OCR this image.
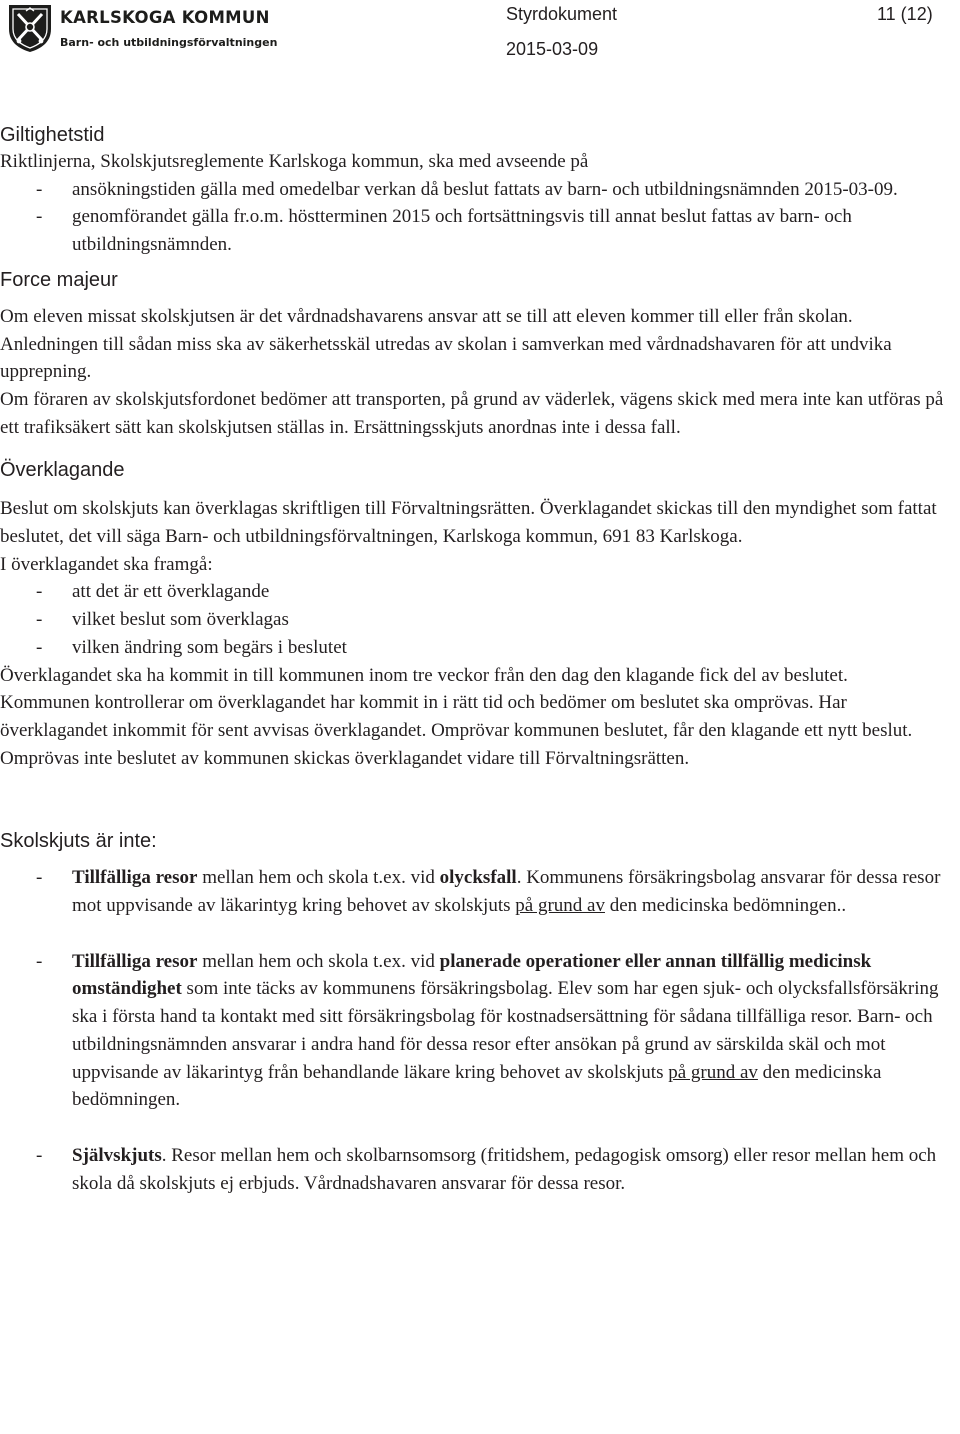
KARLSKOGA KOMMUN
Barn- och utbildningsförvaltningen
Styrdokument	11 (12)
2015-03-09
Giltighetstid

Riktlinjerna, Skolskjutsreglemente Karlskoga kommun, ska med avseende på

-	ansökningstiden gälla med omedelbar verkan då beslut fattats av barn- och utbildningsnämnden 2015-03-09.
-	genomförandet gälla fr.o.m. höstterminen 2015 och fortsättningsvis till annat beslut fattas av barn- och utbildningsnämnden.
Force majeur

Om eleven missat skolskjutsen är det vårdnadshavarens ansvar att se till att eleven kommer till eller från skolan. Anledningen till sådan miss ska av säkerhetsskäl utredas av skolan i samverkan med vårdnadshavaren för att undvika upprepning.

Om föraren av skolskjutsfordonet bedömer att transporten, på grund av väderlek, vägens skick med mera inte kan utföras på ett trafiksäkert sätt kan skolskjutsen ställas in. Ersättningsskjuts anordnas inte i dessa fall.

Överklagande

Beslut om skolskjuts kan överklagas skriftligen till Förvaltningsrätten. Överklagandet skickas till den myndighet som fattat beslutet, det vill säga Barn- och utbildningsförvaltningen, Karlskoga kommun, 691 83 Karlskoga.

I överklagandet ska framgå:

-	att det är ett överklagande
-	vilket beslut som överklagas
-	vilken ändring som begärs i beslutet

Överklagandet ska ha kommit in till kommunen inom tre veckor från den dag den klagande fick del av beslutet.

Kommunen kontrollerar om överklagandet har kommit in i rätt tid och bedömer om beslutet ska omprövas. Har överklagandet inkommit för sent avvisas överklagandet. Omprövar kommunen beslutet, får den klagande ett nytt beslut. Omprövas inte beslutet av kommunen skickas överklagandet vidare till Förvaltningsrätten.

Skolskjuts är inte:
-	Tillfälliga resor mellan hem och skola t.ex. vid olycksfall. Kommunens försäkringsbolag ansvarar för dessa resor mot uppvisande av läkarintyg kring behovet av skolskjuts på grund av den medicinska bedömningen..
-	Tillfälliga resor mellan hem och skola t.ex. vid planerade operationer eller annan tillfällig medicinsk omständighet som inte täcks av kommunens försäkringsbolag. Elev som har egen sjuk- och olycksfallsförsäkring ska i första hand ta kontakt med sitt försäkringsbolag för kostnadsersättning för sådana tillfälliga resor. Barn- och utbildningsnämnden ansvarar i andra hand för dessa resor efter ansökan på grund av särskilda skäl och mot uppvisande av läkarintyg från behandlande läkare kring behovet av skolskjuts på grund av den medicinska bedömningen.
-	Självskjuts. Resor mellan hem och skolbarnsomsorg (fritidshem, pedagogisk omsorg) eller resor mellan hem och skola då skolskjuts ej erbjuds. Vårdnadshavaren ansvarar för dessa resor.
